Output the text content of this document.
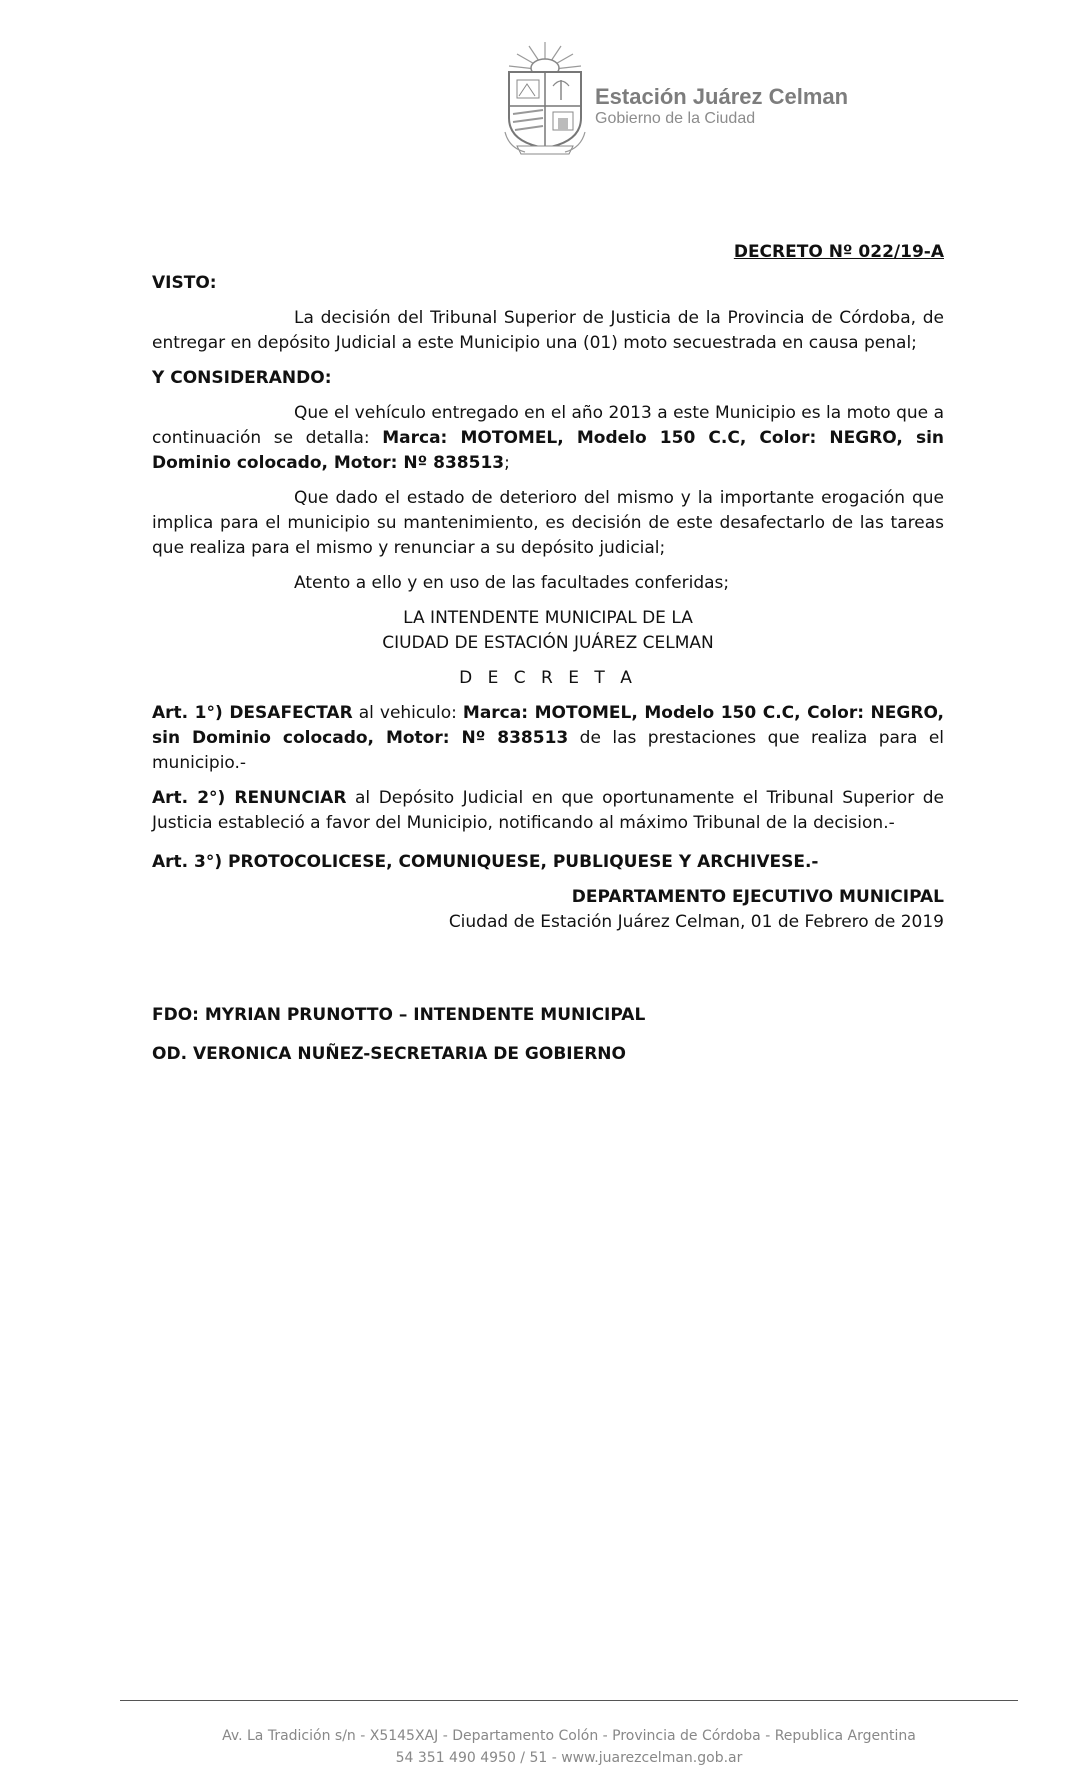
Estación Juárez Celman
Gobierno de la Ciudad

DECRETO Nº 022/19-A

VISTO:

La decisión del Tribunal Superior de Justicia de la Provincia de Córdoba, de entregar en depósito Judicial a este Municipio una (01) moto secuestrada en causa penal;

Y CONSIDERANDO:

Que el vehículo entregado en el año 2013 a este Municipio es la moto que a continuación se detalla: Marca: MOTOMEL, Modelo 150 C.C, Color: NEGRO, sin Dominio colocado, Motor: Nº 838513;

Que dado el estado de deterioro del mismo y la importante erogación que implica para el municipio su mantenimiento, es decisión de este desafectarlo de las tareas que realiza para el mismo y renunciar a su depósito judicial;

Atento a ello y en uso de las facultades conferidas;

LA INTENDENTE MUNICIPAL DE LA

CIUDAD DE ESTACIÓN JUÁREZ CELMAN

D E C R E T A

Art. 1°) DESAFECTAR al vehiculo: Marca: MOTOMEL, Modelo 150 C.C, Color: NEGRO, sin Dominio colocado, Motor: Nº 838513 de las prestaciones que realiza para el municipio.-

Art. 2°) RENUNCIAR al Depósito Judicial en que oportunamente el Tribunal Superior de Justicia estableció a favor del Municipio, notificando al máximo Tribunal de la decision.-

Art. 3°) PROTOCOLICESE, COMUNIQUESE, PUBLIQUESE Y ARCHIVESE.-

DEPARTAMENTO EJECUTIVO MUNICIPAL

Ciudad de Estación Juárez Celman, 01 de Febrero de 2019

FDO: MYRIAN PRUNOTTO – INTENDENTE MUNICIPAL

OD. VERONICA NUÑEZ-SECRETARIA DE GOBIERNO

Av. La Tradición s/n - X5145XAJ - Departamento Colón - Provincia de Córdoba - Republica Argentina
54 351 490 4950 / 51 - www.juarezcelman.gob.ar
